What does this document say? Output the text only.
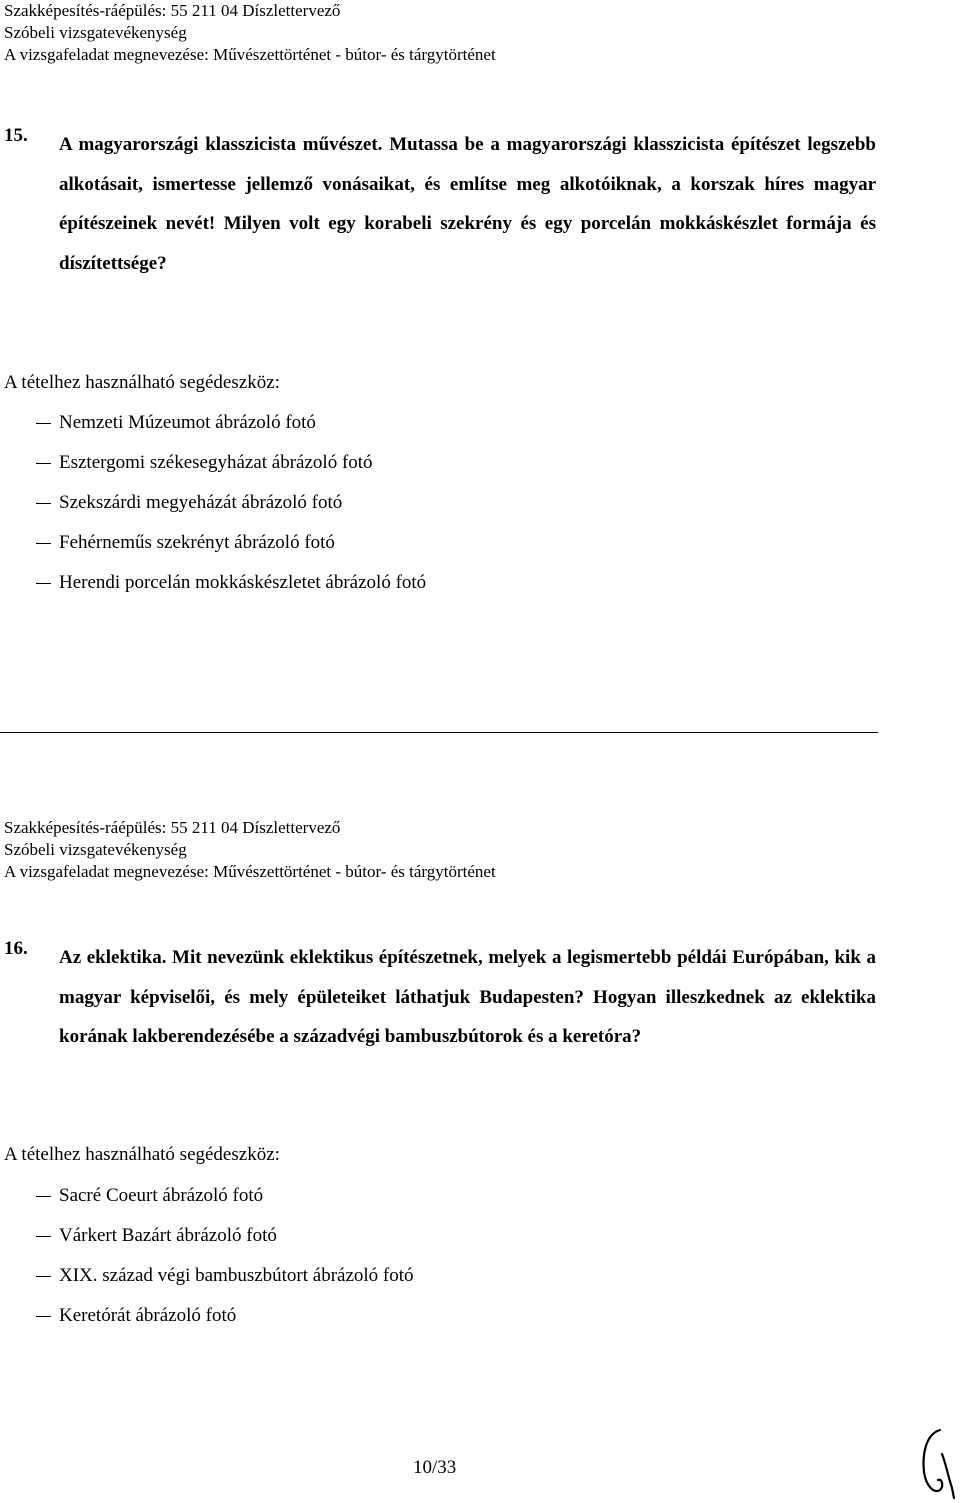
Szakképesítés-ráépülés: 55 211 04 Díszlettervező
Szóbeli vizsgatevékenység
A vizsgafeladat megnevezése: Művészettörténet - bútor- és tárgytörténet
15. A magyarországi klasszicista művészet. Mutassa be a magyarországi klasszicista építészet legszebb alkotásait, ismertesse jellemző vonásaikat, és említse meg alkotóiknak, a korszak híres magyar építészeinek nevét! Milyen volt egy korabeli szekrény és egy porcelán mokkáskészlet formája és díszítettsége?
A tételhez használható segédeszköz:
Nemzeti Múzeumot ábrázoló fotó
Esztergomi székesegyházat ábrázoló fotó
Szekszárdi megyeházát ábrázoló fotó
Fehérneműs szekrényt ábrázoló fotó
Herendi porcelán mokkáskészletet ábrázoló fotó
Szakképesítés-ráépülés: 55 211 04 Díszlettervező
Szóbeli vizsgatevékenység
A vizsgafeladat megnevezése: Művészettörténet - bútor- és tárgytörténet
16. Az eklektika. Mit nevezünk eklektikus építészetnek, melyek a legismertebb példái Európában, kik a magyar képviselői, és mely épületeiket láthatjuk Budapesten? Hogyan illeszkednek az eklektika korának lakberendezésébe a századvégi bambuszbútorok és a keretóra?
A tételhez használható segédeszköz:
Sacré Coeurt ábrázoló fotó
Várkert Bazárt ábrázoló fotó
XIX. század végi bambuszbútort ábrázoló fotó
Keretórát ábrázoló fotó
10/33
